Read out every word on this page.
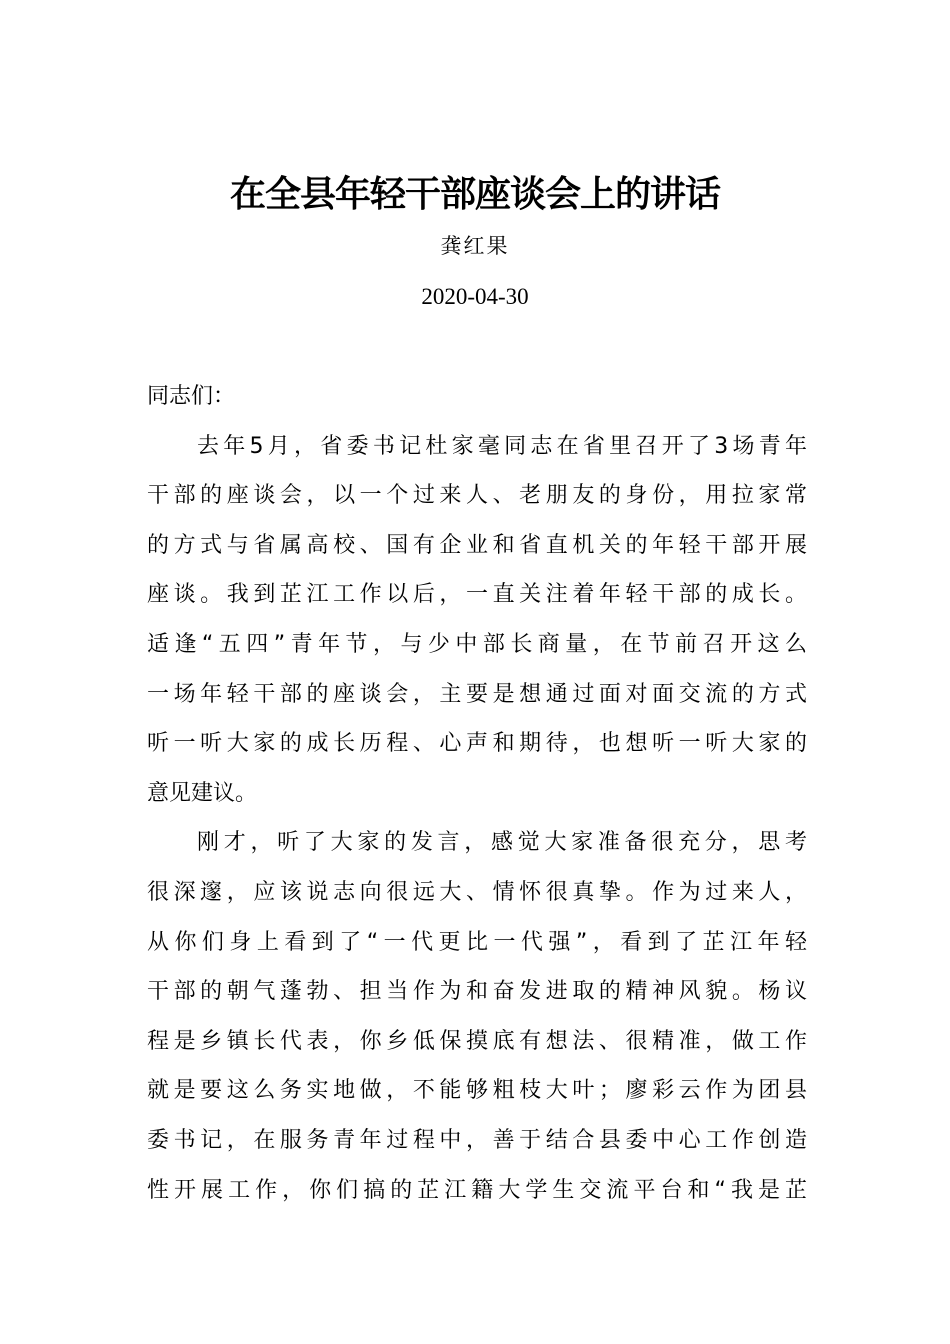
在全县年轻干部座谈会上的讲话
龚红果
2020-04-30
同志们：
去年5月，省委书记杜家毫同志在省里召开了3场青年
干部的座谈会，以一个过来人、老朋友的身份，用拉家常
的方式与省属高校、国有企业和省直机关的年轻干部开展
座谈。我到芷江工作以后，一直关注着年轻干部的成长。
适逢“五四”青年节，与少中部长商量，在节前召开这么
一场年轻干部的座谈会，主要是想通过面对面交流的方式
听一听大家的成长历程、心声和期待，也想听一听大家的
意见建议。
刚才，听了大家的发言，感觉大家准备很充分，思考
很深邃，应该说志向很远大、情怀很真挚。作为过来人，
从你们身上看到了“一代更比一代强”，看到了芷江年轻
干部的朝气蓬勃、担当作为和奋发进取的精神风貌。杨议
程是乡镇长代表，你乡低保摸底有想法、很精准，做工作
就是要这么务实地做，不能够粗枝大叶；廖彩云作为团县
委书记，在服务青年过程中，善于结合县委中心工作创造
性开展工作，你们搞的芷江籍大学生交流平台和“我是芷
